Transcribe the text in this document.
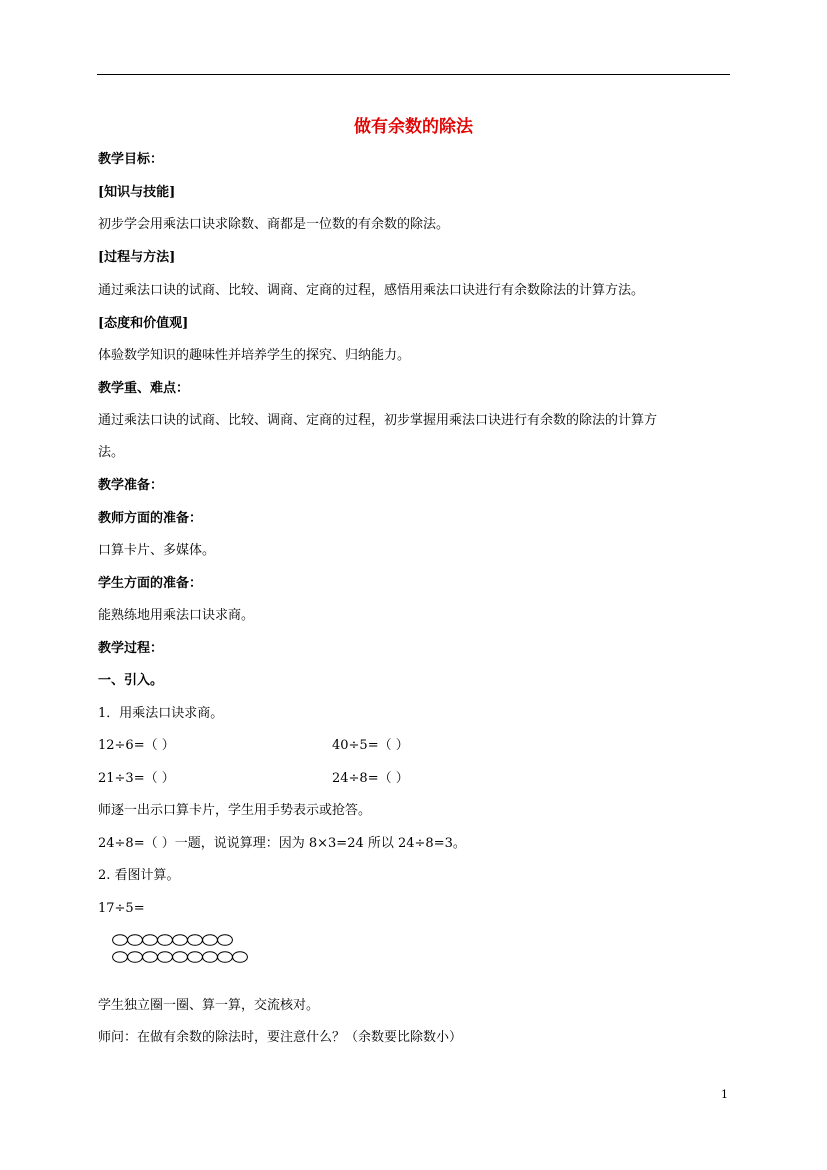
做有余数的除法
教学目标：
[知识与技能]
初步学会用乘法口诀求除数、商都是一位数的有余数的除法。
[过程与方法]
通过乘法口诀的试商、比较、调商、定商的过程，感悟用乘法口诀进行有余数除法的计算方法。
[态度和价值观]
体验数学知识的趣味性并培养学生的探究、归纳能力。
教学重、难点：
通过乘法口诀的试商、比较、调商、定商的过程，初步掌握用乘法口诀进行有余数的除法的计算方
法。
教学准备：
教师方面的准备：
口算卡片、多媒体。
学生方面的准备：
能熟练地用乘法口诀求商。
教学过程：
一、引入。
1．用乘法口诀求商。
12÷6=（ ）	40÷5=（ ）
21÷3=（ ）	24÷8=（ ）
师逐一出示口算卡片，学生用手势表示或抢答。
24÷8=（ ）一题，说说算理：因为 8×3=24 所以 24÷8=3。
2. 看图计算。
17÷5=
学生独立圈一圈、算一算，交流核对。
师问：在做有余数的除法时，要注意什么？（余数要比除数小）
1
